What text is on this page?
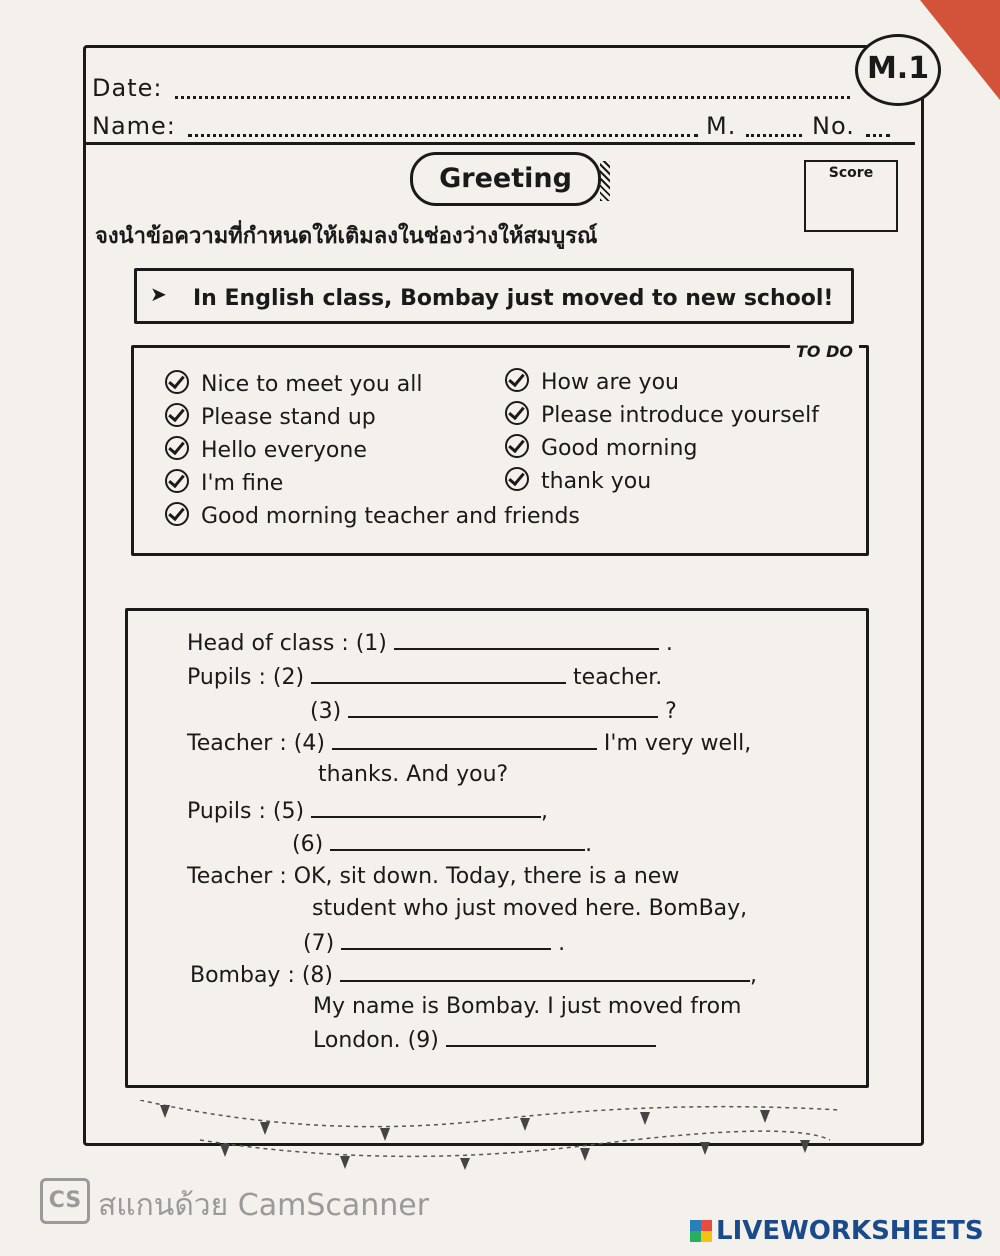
Date:
Name:	M.	No.
M.1
Greeting	Score
จงนำข้อความที่กำหนดให้เติมลงในช่องว่างให้สมบูรณ์
In English class, Bombay just moved to new school!
➤
TO DO
Nice to meet you all	How are you
Please stand up	Please introduce yourself
Hello everyone	Good morning
I'm fine	thank you
Good morning teacher and friends
Head of class : (1)	.
Pupils : (2)	teacher.
(3)	?
Teacher : (4)	I'm very well,
thanks. And you?
Pupils : (5)	,
(6)	.
Teacher : OK, sit down. Today, there is a new
student who just moved here. BomBay,
(7)	.
Bombay : (8)	,
My name is Bombay. I just moved from
London. (9)
CS สแกนด้วย CamScanner
LIVEWORKSHEETS
